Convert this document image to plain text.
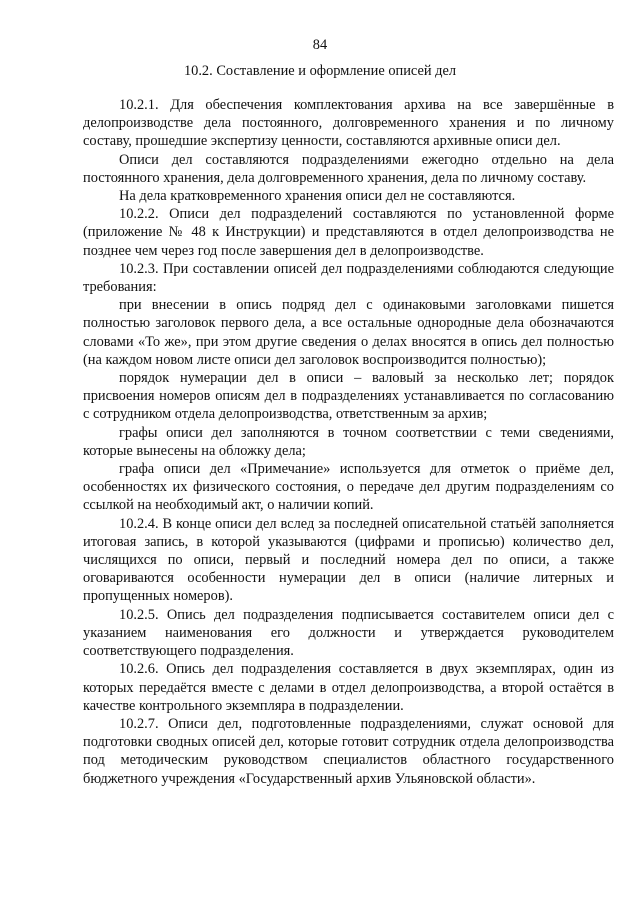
84
10.2. Составление и оформление описей дел

10.2.1. Для обеспечения комплектования архива на все завершённые в делопроизводстве дела постоянного, долговременного хранения и по личному составу, прошедшие экспертизу ценности, составляются архивные описи дел.

Описи дел составляются подразделениями ежегодно отдельно на дела постоянного хранения, дела долговременного хранения, дела по личному составу.

На дела кратковременного хранения описи дел не составляются.

10.2.2. Описи дел подразделений составляются по установленной форме (приложение № 48 к Инструкции) и представляются в отдел делопроизводства не позднее чем через год после завершения дел в делопроизводстве.

10.2.3. При составлении описей дел подразделениями соблюдаются следующие требования:

при внесении в опись подряд дел с одинаковыми заголовками пишется полностью заголовок первого дела, а все остальные однородные дела обозначаются словами «То же», при этом другие сведения о делах вносятся в опись дел полностью (на каждом новом листе описи дел заголовок воспроизводится полностью);

порядок нумерации дел в описи – валовый за несколько лет; порядок присвоения номеров описям дел в подразделениях устанавливается по согласованию с сотрудником отдела делопроизводства, ответственным за архив;

графы описи дел заполняются в точном соответствии с теми сведениями, которые вынесены на обложку дела;

графа описи дел «Примечание» используется для отметок о приёме дел, особенностях их физического состояния, о передаче дел другим подразделениям со ссылкой на необходимый акт, о наличии копий.

10.2.4. В конце описи дел вслед за последней описательной статьёй заполняется итоговая запись, в которой указываются (цифрами и прописью) количество дел, числящихся по описи, первый и последний номера дел по описи, а также оговариваются особенности нумерации дел в описи (наличие литерных и пропущенных номеров).

10.2.5. Опись дел подразделения подписывается составителем описи дел с указанием наименования его должности и утверждается руководителем соответствующего подразделения.

10.2.6. Опись дел подразделения составляется в двух экземплярах, один из которых передаётся вместе с делами в отдел делопроизводства, а второй остаётся в качестве контрольного экземпляра в подразделении.

10.2.7. Описи дел, подготовленные подразделениями, служат основой для подготовки сводных описей дел, которые готовит сотрудник отдела делопроизводства под методическим руководством специалистов областного государственного бюджетного учреждения «Государственный архив Ульяновской области».
